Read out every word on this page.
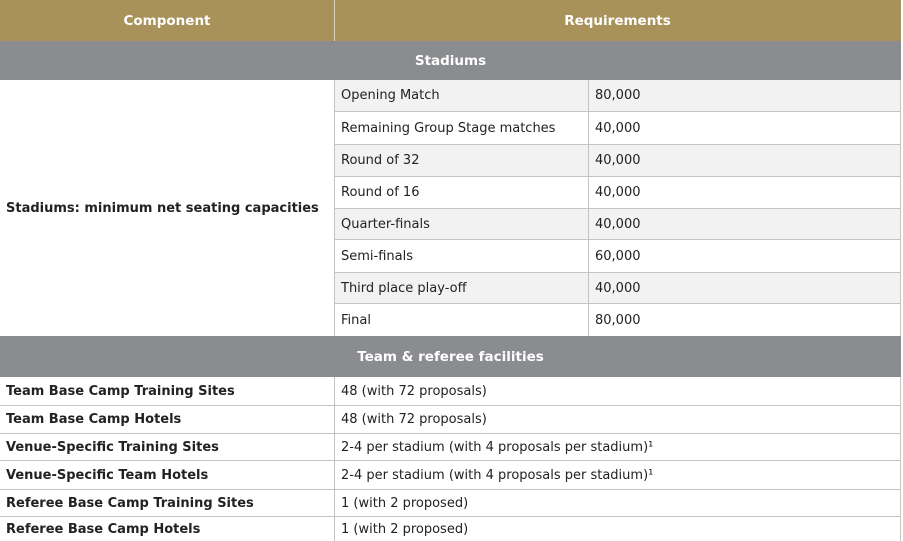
Component	Requirements
Stadiums
Stadiums: minimum net seating capacities
Opening Match	80,000
Remaining Group Stage matches	40,000
Round of 32	40,000
Round of 16	40,000
Quarter-finals	40,000
Semi-finals	60,000
Third place play-off	40,000
Final	80,000
Team & referee facilities
Team Base Camp Training Sites	48 (with 72 proposals)
Team Base Camp Hotels	48 (with 72 proposals)
Venue-Specific Training Sites	2-4 per stadium (with 4 proposals per stadium)¹
Venue-Specific Team Hotels	2-4 per stadium (with 4 proposals per stadium)¹
Referee Base Camp Training Sites	1 (with 2 proposed)
Referee Base Camp Hotels	1 (with 2 proposed)
